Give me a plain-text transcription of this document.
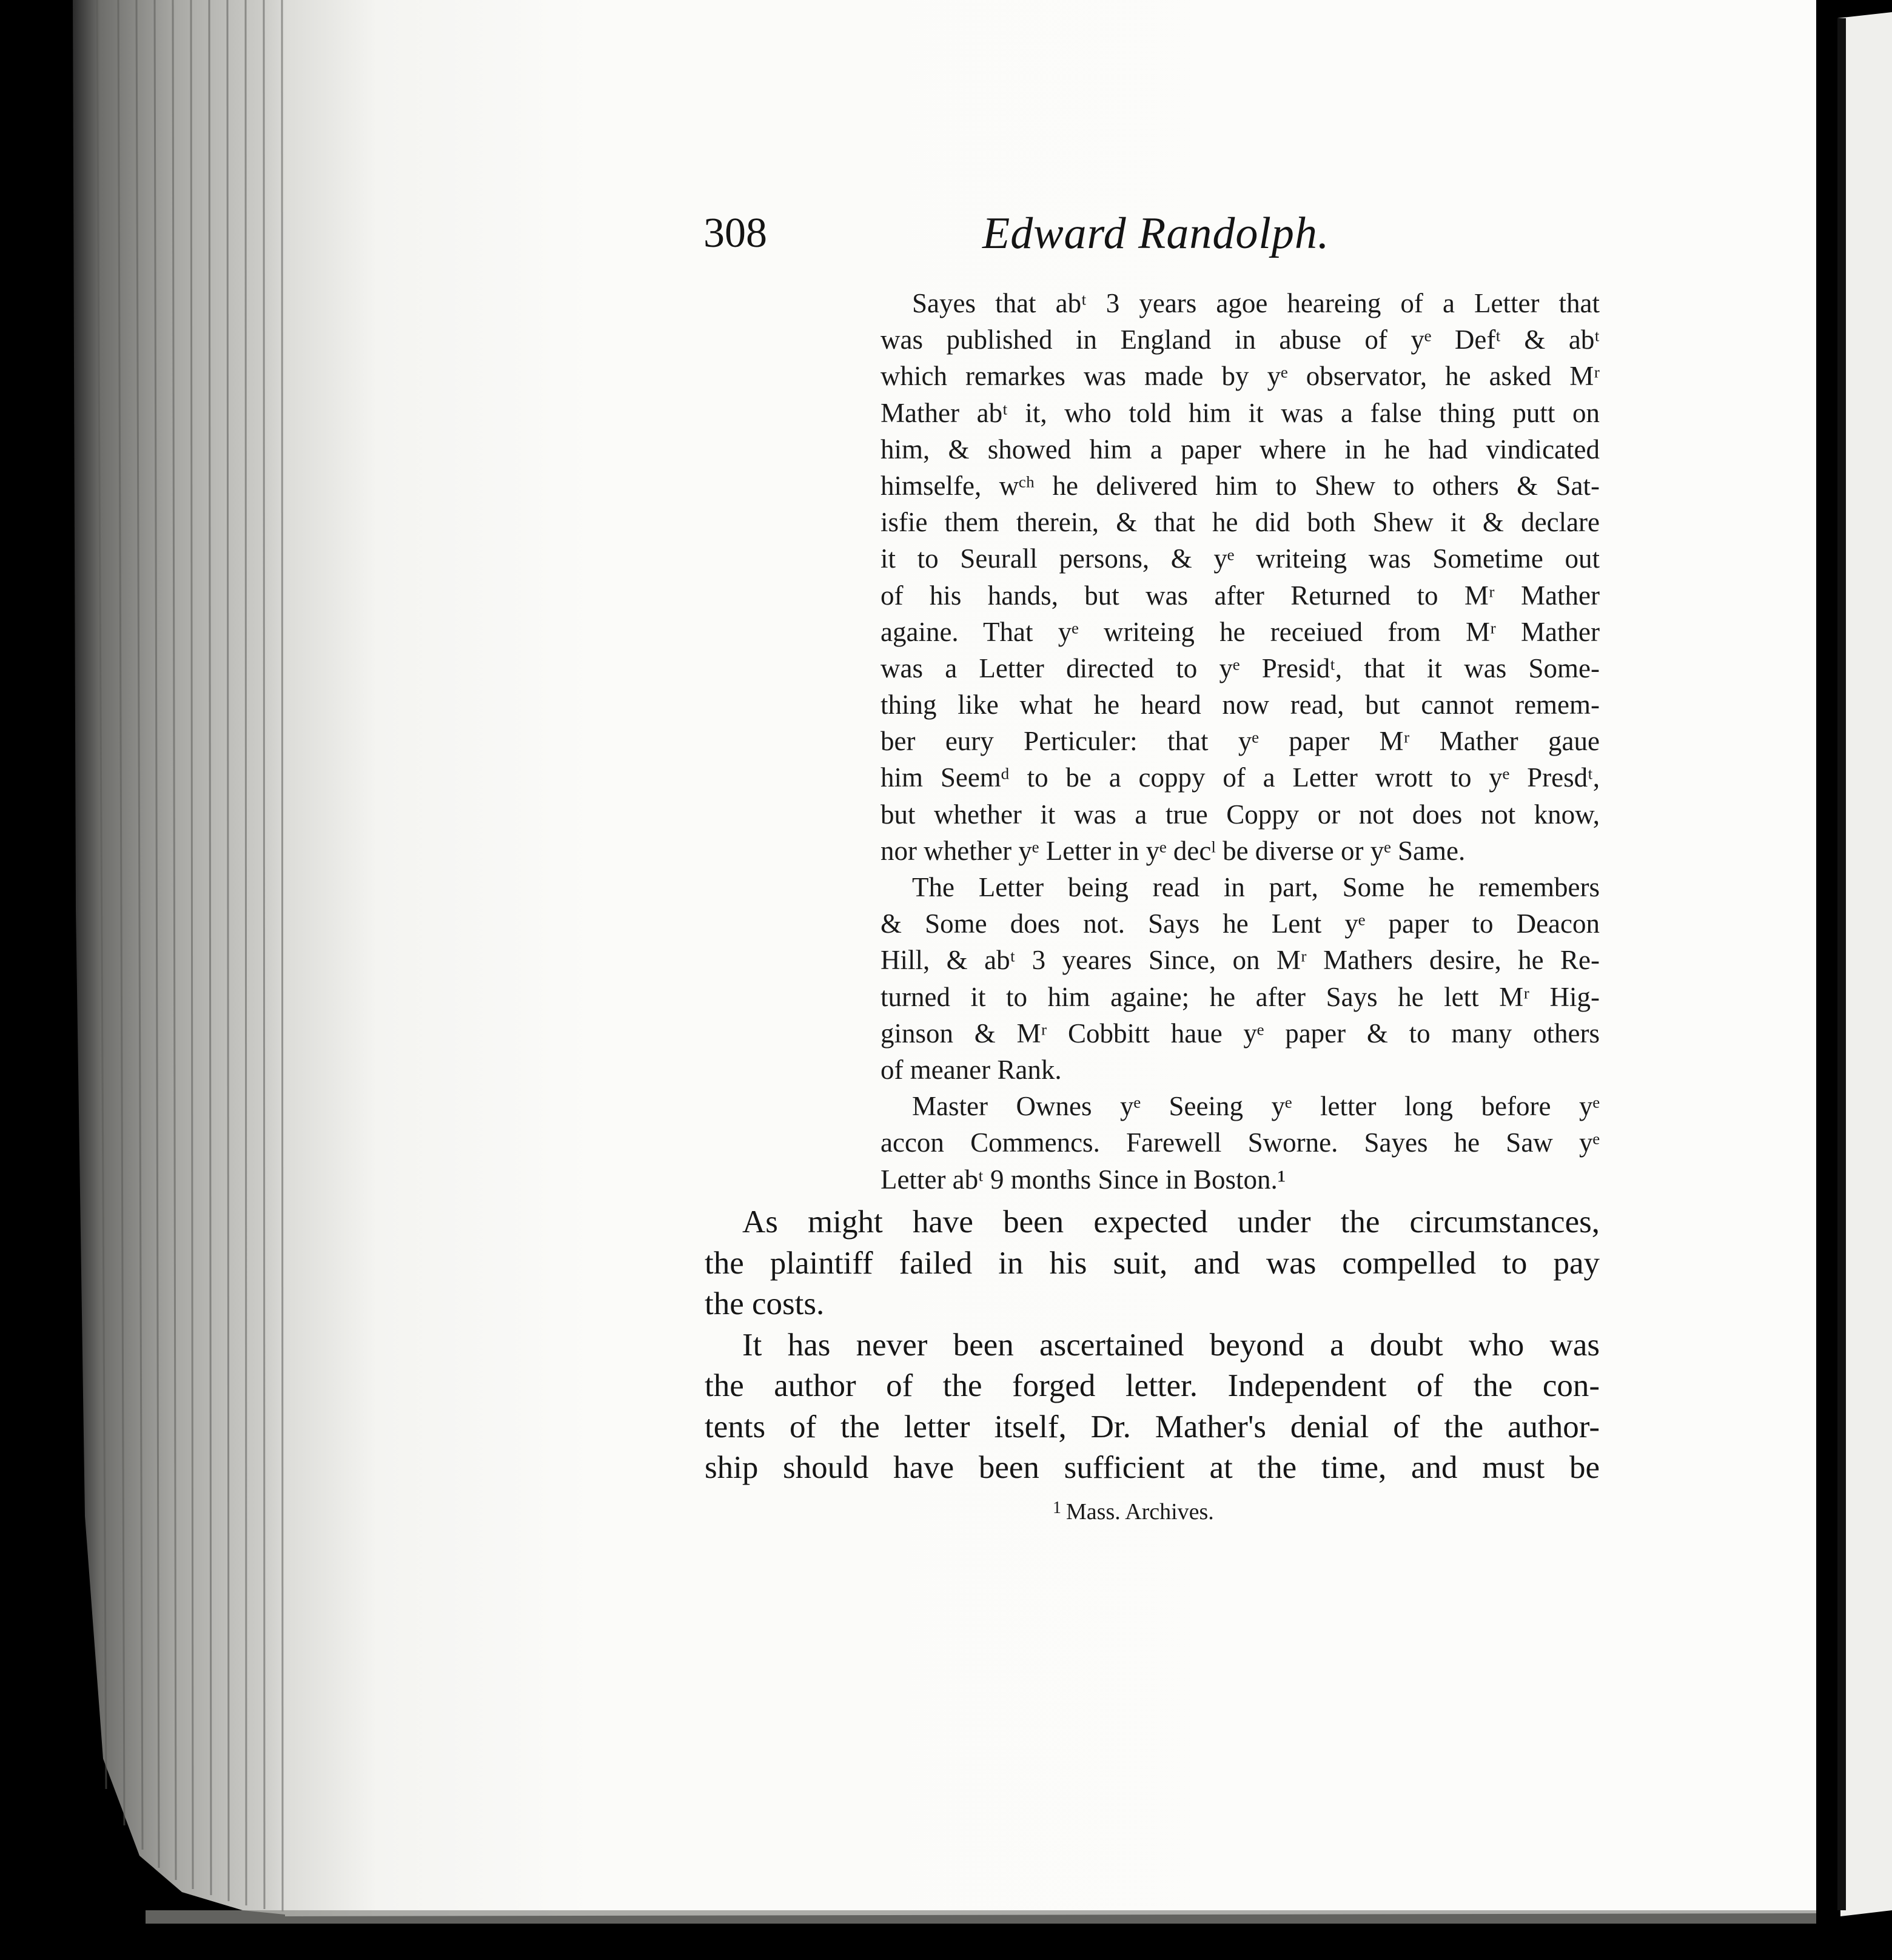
308	Edward Randolph.
Sayes that abᵗ 3 years agoe heareing of a Letter that
was published in England in abuse of yᵉ Defᵗ & abᵗ
which remarkes was made by yᵉ observator, he asked Mʳ
Mather abᵗ it, who told him it was a false thing putt on
him, & showed him a paper where in he had vindicated
himselfe, wᶜʰ he delivered him to Shew to others & Sat-
isfie them therein, & that he did both Shew it & declare
it to Seurall persons, & yᵉ writeing was Sometime out
of his hands, but was after Returned to Mʳ Mather
againe. That yᵉ writeing he receiued from Mʳ Mather
was a Letter directed to yᵉ Presidᵗ, that it was Some-
thing like what he heard now read, but cannot remem-
ber eury Perticuler: that yᵉ paper Mʳ Mather gaue
him Seemᵈ to be a coppy of a Letter wrott to yᵉ Presdᵗ,
but whether it was a true Coppy or not does not know,
nor whether yᵉ Letter in yᵉ decˡ be diverse or yᵉ Same.
The Letter being read in part, Some he remembers
& Some does not. Says he Lent yᵉ paper to Deacon
Hill, & abᵗ 3 yeares Since, on Mʳ Mathers desire, he Re-
turned it to him againe; he after Says he lett Mʳ Hig-
ginson & Mʳ Cobbitt haue yᵉ paper & to many others
of meaner Rank.
Master Ownes yᵉ Seeing yᵉ letter long before yᵉ
accon Commencs. Farewell Sworne. Sayes he Saw yᵉ
Letter abᵗ 9 months Since in Boston.¹
As might have been expected under the circumstances,
the plaintiff failed in his suit, and was compelled to pay
the costs.
It has never been ascertained beyond a doubt who was
the author of the forged letter. Independent of the con-
tents of the letter itself, Dr. Mather's denial of the author-
ship should have been sufficient at the time, and must be
$^1$ Mass. Archives.
